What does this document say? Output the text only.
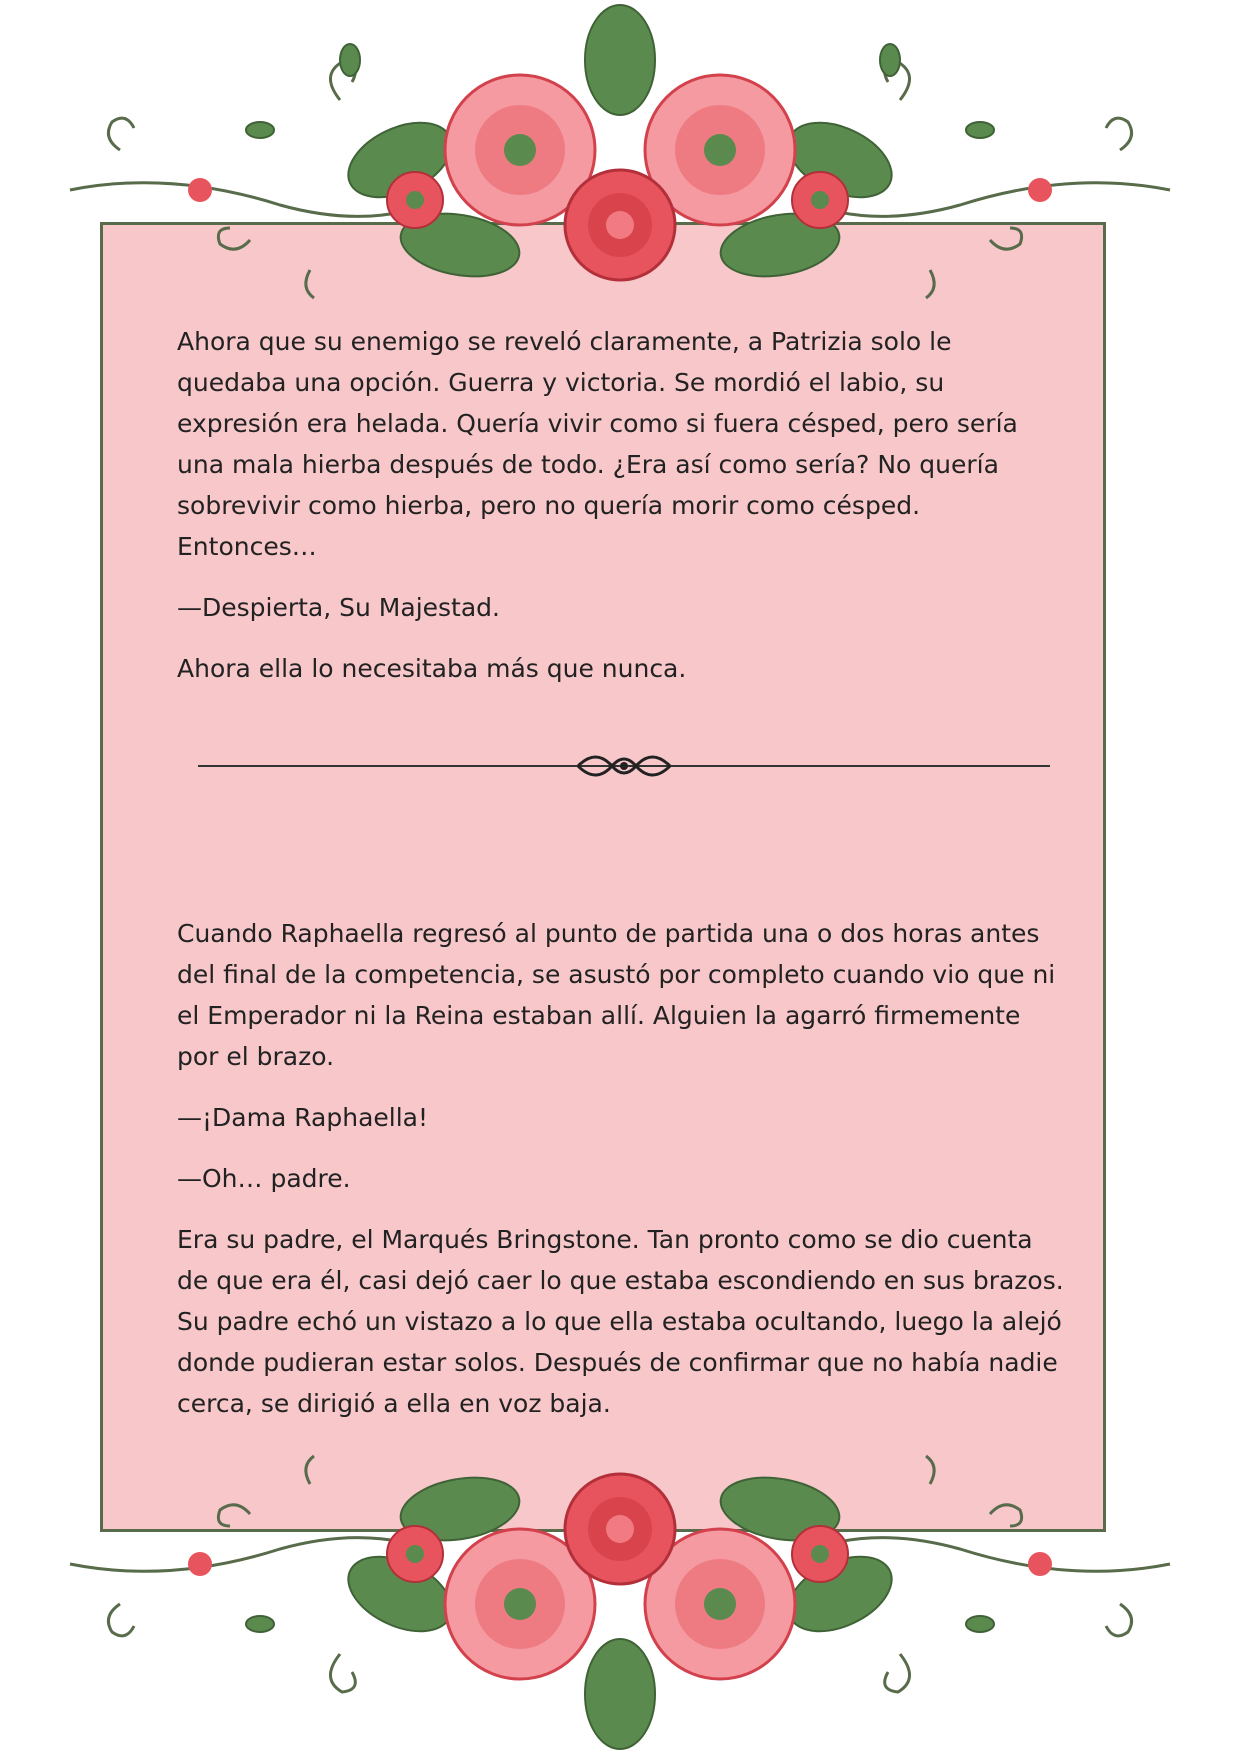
Ahora que su enemigo se reveló claramente, a Patrizia solo le quedaba una opción. Guerra y victoria. Se mordió el labio, su expresión era helada. Quería vivir como si fuera césped, pero sería una mala hierba después de todo. ¿Era así como sería? No quería sobrevivir como hierba, pero no quería morir como césped. Entonces…

—Despierta, Su Majestad.

Ahora ella lo necesitaba más que nunca.

Cuando Raphaella regresó al punto de partida una o dos horas antes del final de la competencia, se asustó por completo cuando vio que ni el Emperador ni la Reina estaban allí. Alguien la agarró firmemente por el brazo.

—¡Dama Raphaella!

—Oh… padre.

Era su padre, el Marqués Bringstone. Tan pronto como se dio cuenta de que era él, casi dejó caer lo que estaba escondiendo en sus brazos. Su padre echó un vistazo a lo que ella estaba ocultando, luego la alejó donde pudieran estar solos. Después de confirmar que no había nadie cerca, se dirigió a ella en voz baja.
